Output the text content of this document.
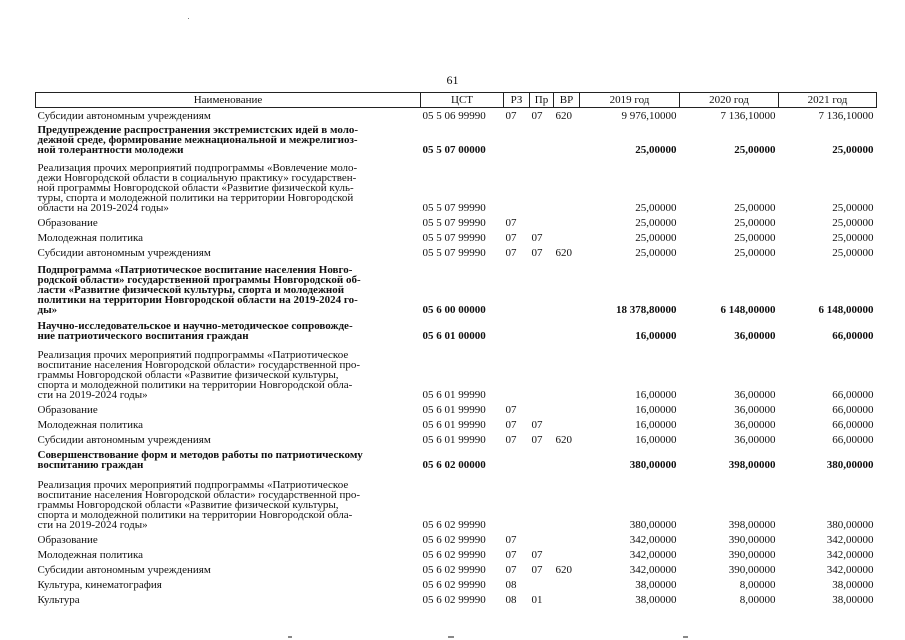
61
Наименование	ЦСТ	РЗ	Пр	ВР	2019 год	2020 год	2021 год
Субсидии автономным учреждениям	05 5 06 99990	07	07	620	9 976,10000	7 136,10000	7 136,10000
Предупреждение распространения экстремистских идей в моло-
дежной среде, формирование межнациональной и межрелигиоз-
ной толерантности молодежи	05 5 07 00000				25,00000	25,00000	25,00000
Реализация прочих мероприятий подпрограммы «Вовлечение моло-
дежи Новгородской области в социальную практику» государствен-
ной программы Новгородской области «Развитие физической куль-
туры, спорта и молодежной политики на территории Новгородской
области на 2019-2024 годы»	05 5 07 99990				25,00000	25,00000	25,00000
Образование	05 5 07 99990	07			25,00000	25,00000	25,00000
Молодежная политика	05 5 07 99990	07	07		25,00000	25,00000	25,00000
Субсидии автономным учреждениям	05 5 07 99990	07	07	620	25,00000	25,00000	25,00000
Подпрограмма «Патриотическое воспитание населения Новго-
родской области» государственной программы Новгородской об-
ласти «Развитие физической культуры, спорта и молодежной
политики на территории Новгородской области на 2019-2024 го-
ды»	05 6 00 00000				18 378,80000	6 148,00000	6 148,00000
Научно-исследовательское и научно-методическое сопровожде-
ние патриотического воспитания граждан	05 6 01 00000				16,00000	36,00000	66,00000
Реализация прочих мероприятий подпрограммы «Патриотическое
воспитание населения Новгородской области» государственной про-
граммы Новгородской области «Развитие физической культуры,
спорта и молодежной политики на территории Новгородской обла-
сти на 2019-2024 годы»	05 6 01 99990				16,00000	36,00000	66,00000
Образование	05 6 01 99990	07			16,00000	36,00000	66,00000
Молодежная политика	05 6 01 99990	07	07		16,00000	36,00000	66,00000
Субсидии автономным учреждениям	05 6 01 99990	07	07	620	16,00000	36,00000	66,00000
Совершенствование форм и методов работы по патриотическому
воспитанию граждан	05 6 02 00000				380,00000	398,00000	380,00000
Реализация прочих мероприятий подпрограммы «Патриотическое
воспитание населения Новгородской области» государственной про-
граммы Новгородской области «Развитие физической культуры,
спорта и молодежной политики на территории Новгородской обла-
сти на 2019-2024 годы»	05 6 02 99990				380,00000	398,00000	380,00000
Образование	05 6 02 99990	07			342,00000	390,00000	342,00000
Молодежная политика	05 6 02 99990	07	07		342,00000	390,00000	342,00000
Субсидии автономным учреждениям	05 6 02 99990	07	07	620	342,00000	390,00000	342,00000
Культура, кинематография	05 6 02 99990	08			38,00000	8,00000	38,00000
Культура	05 6 02 99990	08	01		38,00000	8,00000	38,00000
